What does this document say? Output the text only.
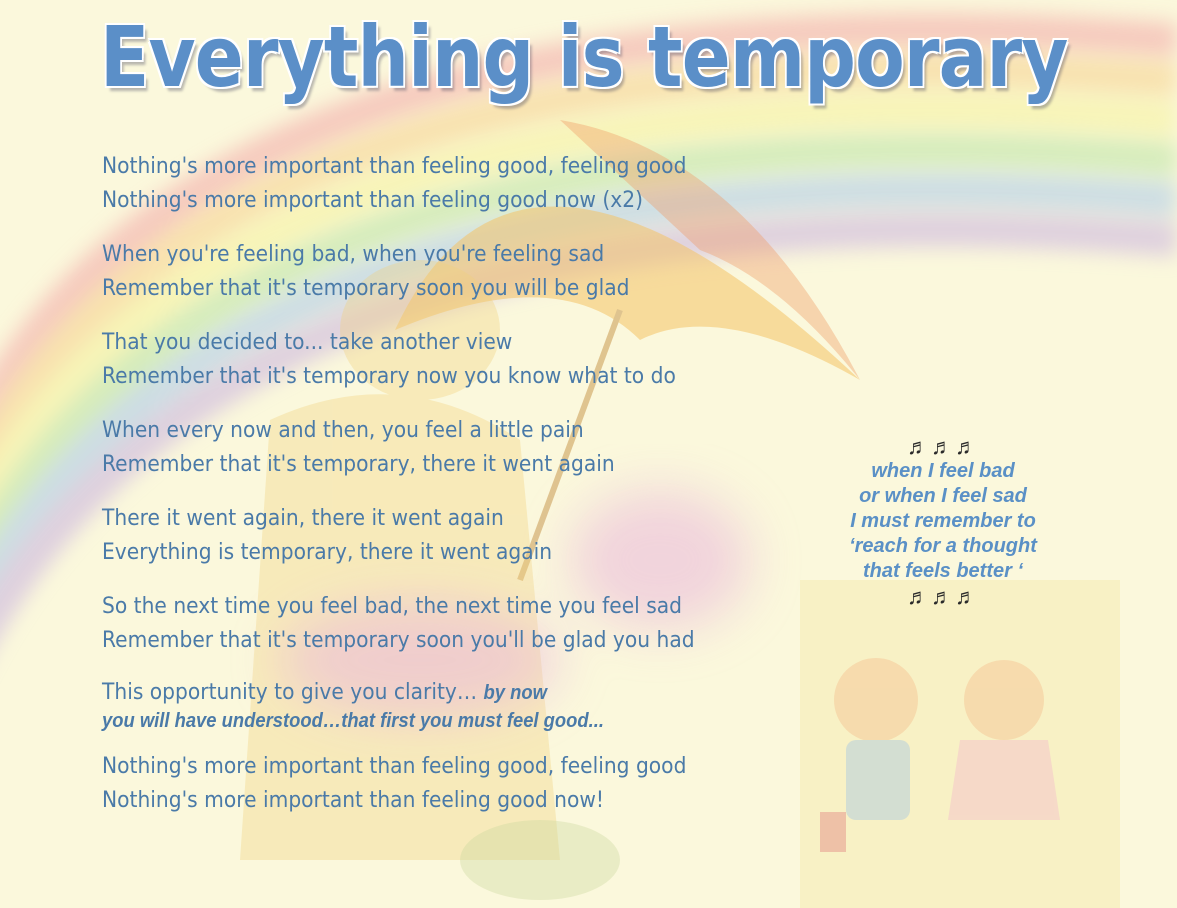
Everything is temporary
Nothing's more important than feeling good, feeling good
Nothing's more important than feeling good now (x2)
When you're feeling bad, when you're feeling sad
Remember that it's temporary soon you will be glad
That you decided to... take another view
Remember that it's temporary now you know what to do
When every now and then, you feel a little pain
Remember that it's temporary, there it went again
There it went again, there it went again
Everything is temporary, there it went again
So the next time you feel bad, the next time you feel sad
Remember that it's temporary soon you'll be glad you had
This opportunity to give you clarity… by now
you will have understood…that first you must feel good...
Nothing's more important than feeling good, feeling good
Nothing's more important than feeling good now!
♬♬♬
when I feel bad
or when I feel sad
I must remember to
‘reach for a thought
that feels better ‘
♬♬♬
